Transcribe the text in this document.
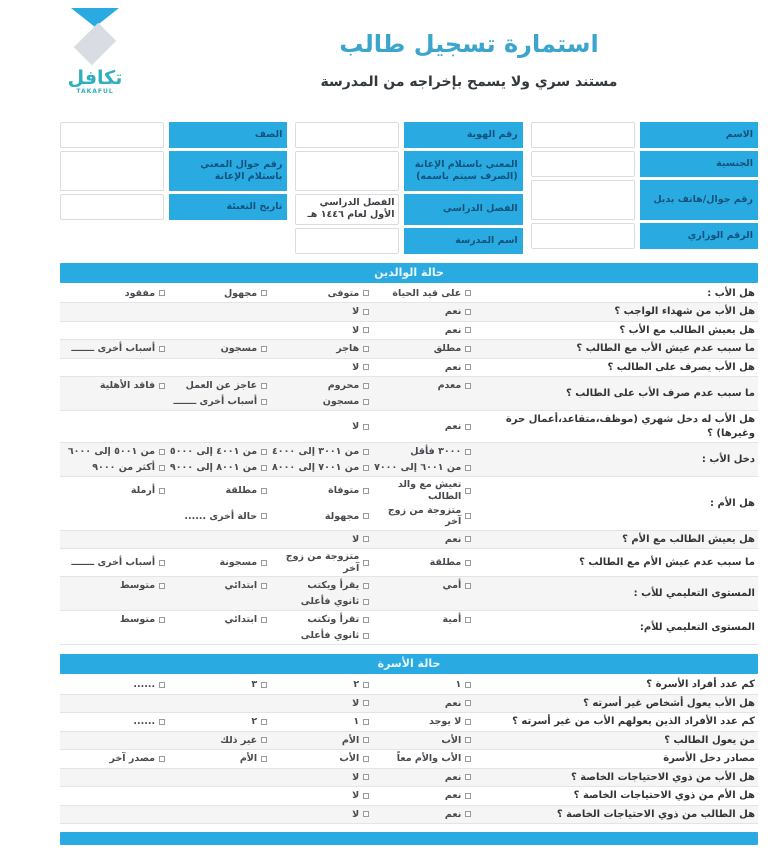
تكافل
TAKAFUL
استمارة تسجيل طالب
مستند سري ولا يسمح بإخراجه من المدرسة
الاسم
الجنسية
رقم جوال/هاتف بديل
الرقم الوزاري
رقم الهوية
المعني باستلام الإعانة (الصرف سيتم باسمه)
الفصل الدراسي
الفصل الدراسي الأول لعام ١٤٤٦ هـ
اسم المدرسة
الصف
رقم جوال المعني باستلام الإعانة
تاريخ التعبئة
حالة الوالدين
هل الأب :
على قيد الحياة
متوفى
مجهول
مفقود
هل الأب من شهداء الواجب ؟
نعم
لا
هل يعيش الطالب مع الأب ؟
نعم
لا
ما سبب عدم عيش الأب مع الطالب ؟
مطلق
هاجر
مسجون
أسباب أخرى ـــــــ
هل الأب يصرف على الطالب ؟
نعم
لا
ما سبب عدم صرف الأب على الطالب ؟
معدم
محروم
عاجز عن العمل
فاقد الأهلية
مسجون
أسباب أخرى ـــــــ
هل الأب له دخل شهري (موظف،متقاعد،أعمال حرة وغيرها) ؟
نعم
لا
دخل الأب :
٣٠٠٠ فأقل
من ٣٠٠١ إلى ٤٠٠٠
من ٤٠٠١ إلى ٥٠٠٠
من ٥٠٠١ إلى ٦٠٠٠
من ٦٠٠١ إلى ٧٠٠٠
من ٧٠٠١ إلى ٨٠٠٠
من ٨٠٠١ إلى ٩٠٠٠
أكثر من ٩٠٠٠
هل الأم :
تعيش مع والد الطالب
متوفاة
مطلقة
أرملة
متزوجة من زوج آخر
مجهولة
حالة أخرى ......
هل يعيش الطالب مع الأم ؟
نعم
لا
ما سبب عدم عيش الأم مع الطالب ؟
مطلقة
متزوجة من زوج آخر
مسجونة
أسباب أخرى ـــــــ
المستوى التعليمي للأب :
أمي
يقرأ ويكتب
ابتدائي
متوسط
ثانوي فأعلى
المستوى التعليمي للأم:
أمية
تقرأ وتكتب
ابتدائي
متوسط
ثانوي فأعلى
حالة الأسرة
كم عدد أفراد الأسرة ؟
١
٢
٣
......
هل الأب يعول أشخاص غير أسرته ؟
نعم
لا
كم عدد الأفراد الذين يعولهم الأب من غير أسرته ؟
لا يوجد
١
٢
......
من يعول الطالب ؟
الأب
الأم
غير ذلك
مصادر دخل الأسرة
الأب والأم معاً
الأب
الأم
مصدر آخر
هل الأب من ذوي الاحتياجات الخاصة ؟
نعم
لا
هل الأم من ذوي الاحتياجات الخاصة ؟
نعم
لا
هل الطالب من ذوي الاحتياجات الخاصة ؟
نعم
لا
